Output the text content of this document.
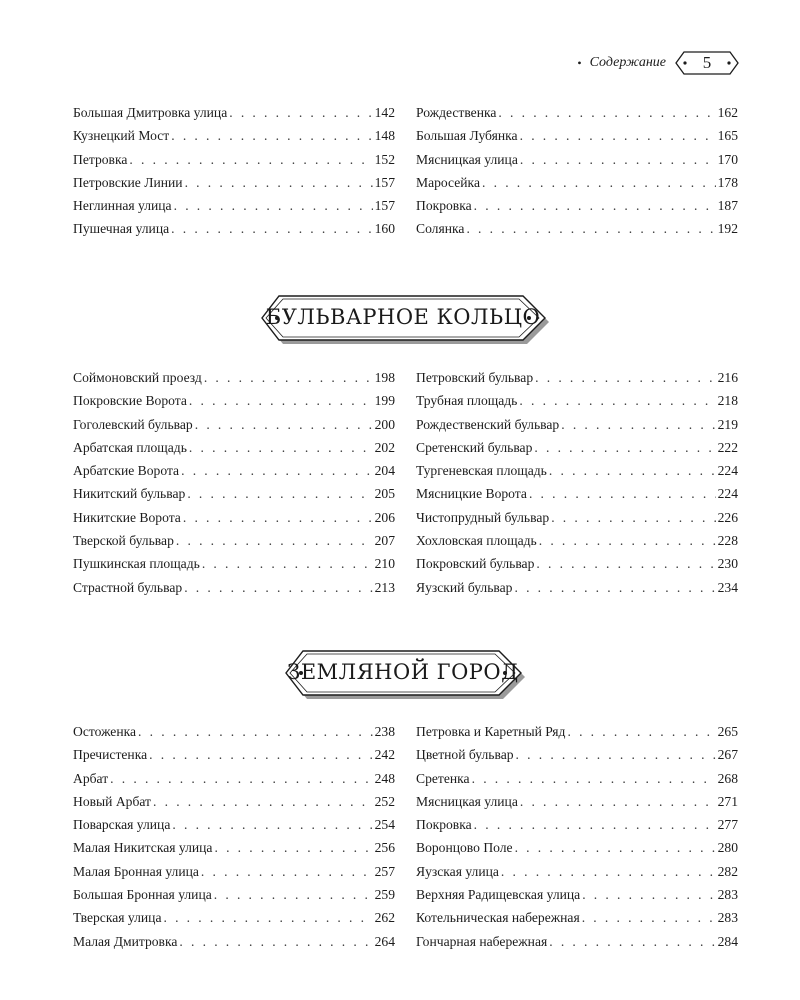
• Содержание	5
Большая Дмитровка улица . . .	142
Кузнецкий Мост . . .	148
Петровка . . .	152
Петровские Линии . . .	157
Неглинная улица . . .	157
Пушечная улица . . .	160
Рождественка . . .	162
Большая Лубянка . . .	165
Мясницкая улица . . .	170
Маросейка . . .	178
Покровка . . .	187
Солянка . . .	192
БУЛЬВАРНОЕ КОЛЬЦО
Соймоновский проезд . . .	198
Покровские Ворота . . .	199
Гоголевский бульвар . . .	200
Арбатская площадь . . .	202
Арбатские Ворота . . .	204
Никитский бульвар . . .	205
Никитские Ворота . . .	206
Тверской бульвар . . .	207
Пушкинская площадь . . .	210
Страстной бульвар . . .	213
Петровский бульвар . . .	216
Трубная площадь . . .	218
Рождественский бульвар . . .	219
Сретенский бульвар . . .	222
Тургеневская площадь . . .	224
Мясницкие Ворота . . .	224
Чистопрудный бульвар . . .	226
Хохловская площадь . . .	228
Покровский бульвар . . .	230
Яузский бульвар . . .	234
ЗЕМЛЯНОЙ ГОРОД
Остоженка . . .	238
Пречистенка . . .	242
Арбат . . .	248
Новый Арбат . . .	252
Поварская улица . . .	254
Малая Никитская улица . . .	256
Малая Бронная улица . . .	257
Большая Бронная улица . . .	259
Тверская улица . . .	262
Малая Дмитровка . . .	264
Петровка и Каретный Ряд . . .	265
Цветной бульвар . . .	267
Сретенка . . .	268
Мясницкая улица . . .	271
Покровка . . .	277
Воронцово Поле . . .	280
Яузская улица . . .	282
Верхняя Радищевская улица . . .	283
Котельническая набережная . . .	283
Гончарная набережная . . .	284
